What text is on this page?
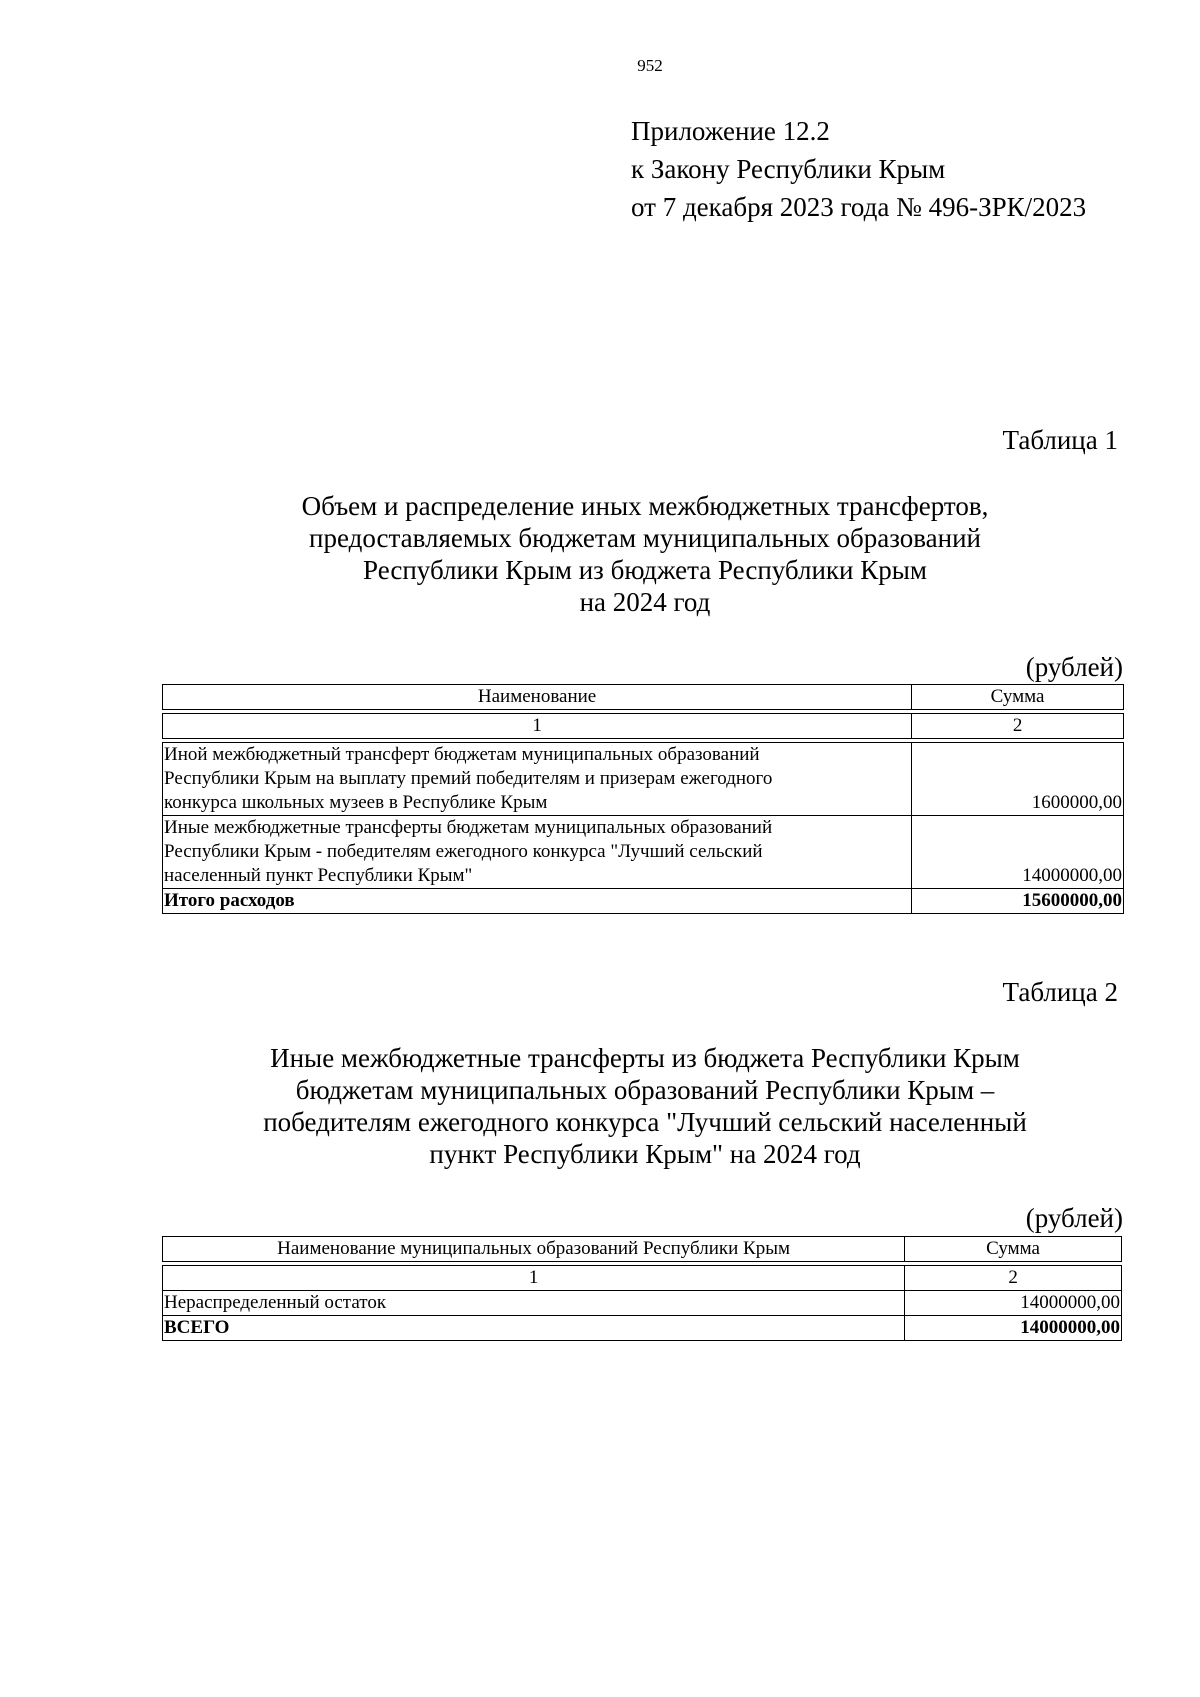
952
Приложение 12.2
к Закону Республики Крым
от 7 декабря 2023 года № 496-ЗРК/2023
Таблица 1
Объем и распределение иных межбюджетных трансфертов,
предоставляемых бюджетам муниципальных образований
Республики Крым из бюджета Республики Крым
на 2024 год
(рублей)
Наименование	Сумма

1	2

Иной межбюджетный трансферт бюджетам муниципальных образований
Республики Крым на выплату премий победителям и призерам ежегодного
конкурса школьных музеев в Республике Крым	1600000,00

Иные межбюджетные трансферты бюджетам муниципальных образований
Республики Крым - победителям ежегодного конкурса "Лучший сельский
населенный пункт Республики Крым"	14000000,00
Итого расходов	15600000,00
Таблица 2
Иные межбюджетные трансферты из бюджета Республики Крым
бюджетам муниципальных образований Республики Крым –
победителям ежегодного конкурса "Лучший сельский населенный
пункт Республики Крым" на 2024 год
(рублей)
Наименование муниципальных образований Республики Крым	Сумма

1	2
Нераспределенный остаток	14000000,00
ВСЕГО	14000000,00
